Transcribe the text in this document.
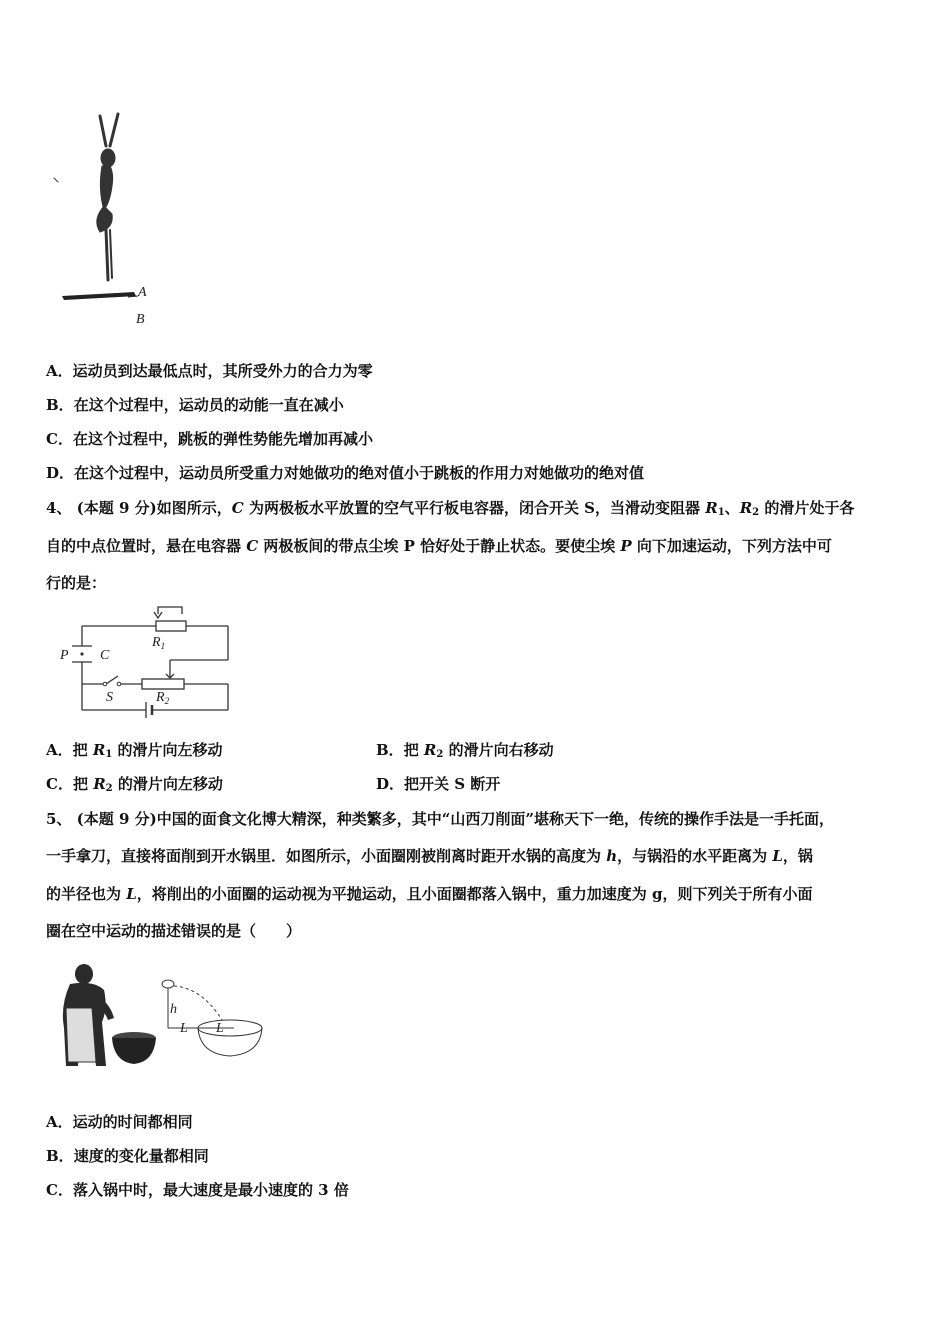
A
B
A．运动员到达最低点时，其所受外力的合力为零
B．在这个过程中，运动员的动能一直在减小
C．在这个过程中，跳板的弹性势能先增加再减小
D．在这个过程中，运动员所受重力对她做功的绝对值小于跳板的作用力对她做功的绝对值
4、 (本题 9 分)如图所示，C 为两极板水平放置的空气平行板电容器，闭合开关 S，当滑动变阻器 R1、R2 的滑片处于各
自的中点位置时，悬在电容器 C 两极板间的带点尘埃 P 恰好处于静止状态。要使尘埃 P 向下加速运动，下列方法中可
行的是：
P C
$R_1$
S	$R_2$
A．把 R1 的滑片向左移动	B．把 R2 的滑片向右移动
C．把 R2 的滑片向左移动	D．把开关 S 断开
5、 (本题 9 分)中国的面食文化博大精深，种类繁多，其中“山西刀削面”堪称天下一绝，传统的操作手法是一手托面，
一手拿刀，直接将面削到开水锅里．如图所示，小面圈刚被削离时距开水锅的高度为 h，与锅沿的水平距离为 L，锅
的半径也为 L，将削出的小面圈的运动视为平抛运动，且小面圈都落入锅中，重力加速度为 g，则下列关于所有小面
圈在空中运动的描述错误的是（　　）
h
L L
A．运动的时间都相同
B．速度的变化量都相同
C．落入锅中时，最大速度是最小速度的 3 倍
